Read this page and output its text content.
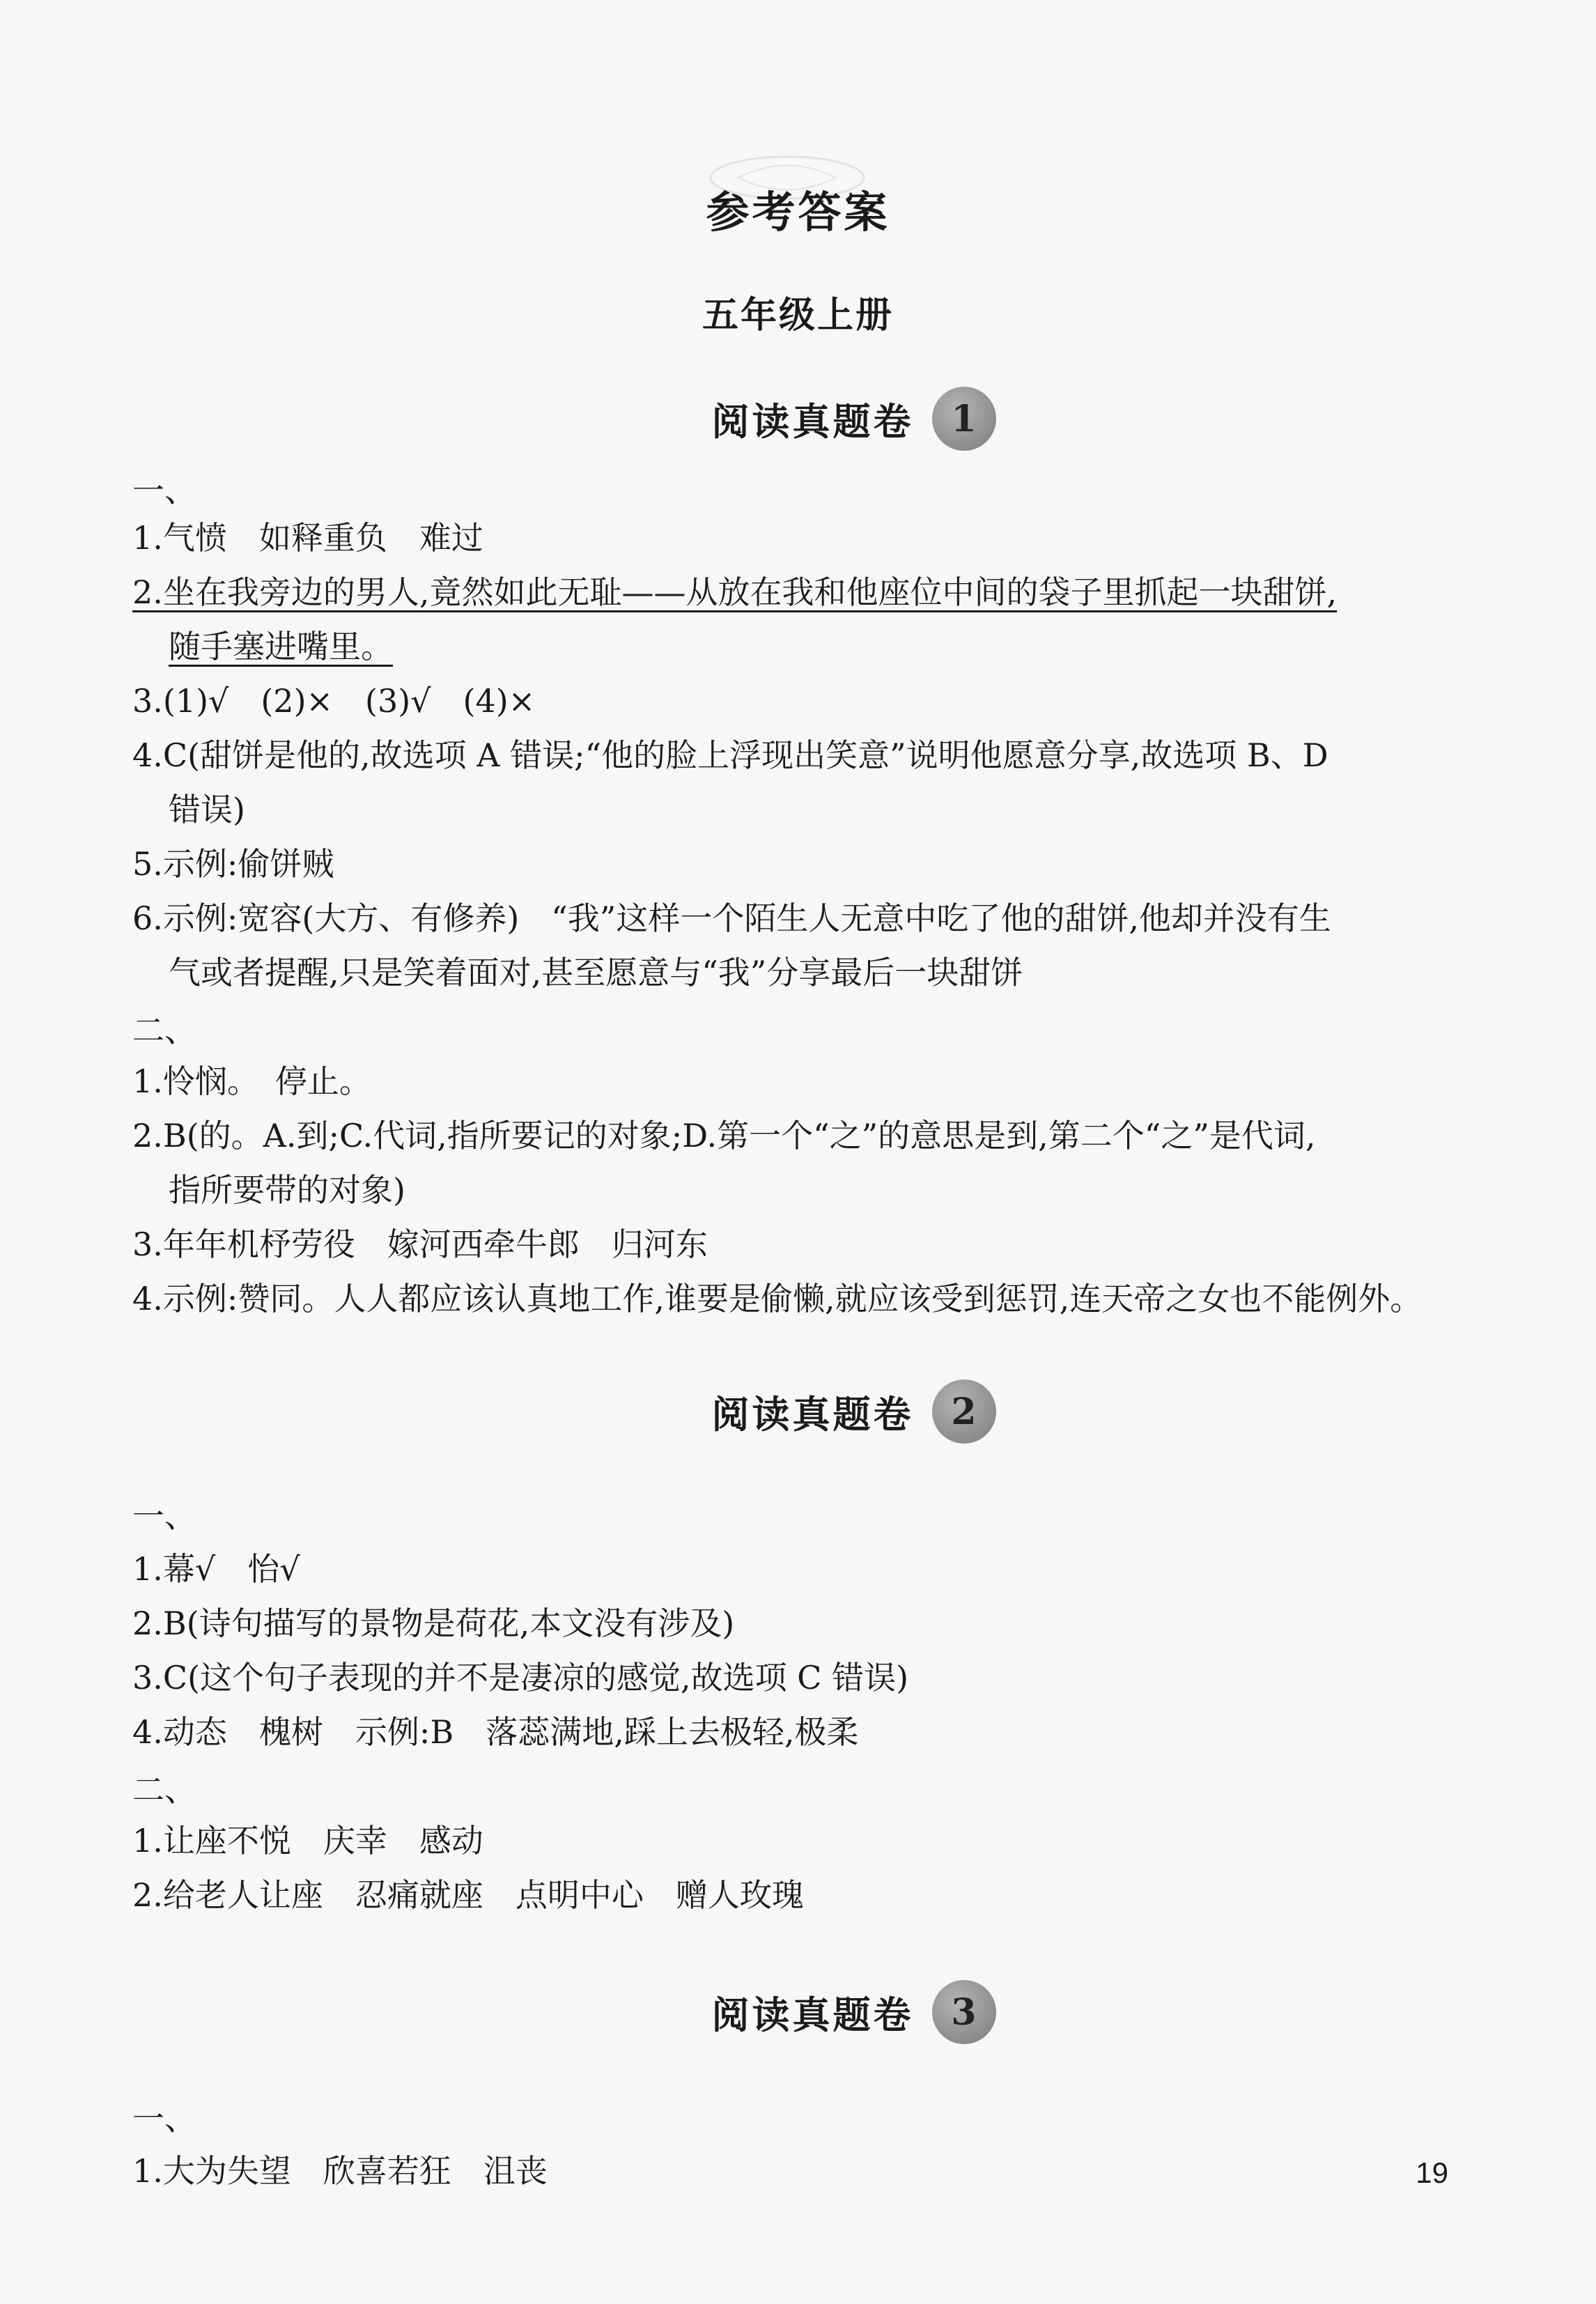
参考答案
五年级上册
阅读真题卷	1
一、
1.气愤　如释重负　难过
2.坐在我旁边的男人,竟然如此无耻——从放在我和他座位中间的袋子里抓起一块甜饼,
随手塞进嘴里。
3.(1)√　(2)×　(3)√　(4)×
4.C(甜饼是他的,故选项 A 错误;“他的脸上浮现出笑意”说明他愿意分享,故选项 B、D
错误)
5.示例:偷饼贼
6.示例:宽容(大方、有修养)　“我”这样一个陌生人无意中吃了他的甜饼,他却并没有生
气或者提醒,只是笑着面对,甚至愿意与“我”分享最后一块甜饼
二、
1.怜悯。　停止。
2.B(的。A.到;C.代词,指所要记的对象;D.第一个“之”的意思是到,第二个“之”是代词,
指所要带的对象)
3.年年机杼劳役　嫁河西牵牛郎　归河东
4.示例:赞同。人人都应该认真地工作,谁要是偷懒,就应该受到惩罚,连天帝之女也不能例外。
阅读真题卷	2
一、
1.幕√　怡√
2.B(诗句描写的景物是荷花,本文没有涉及)
3.C(这个句子表现的并不是凄凉的感觉,故选项 C 错误)
4.动态　槐树　示例:B　落蕊满地,踩上去极轻,极柔
二、
1.让座不悦　庆幸　感动
2.给老人让座　忍痛就座　点明中心　赠人玫瑰
阅读真题卷	3
一、
1.大为失望　欣喜若狂　沮丧	19
